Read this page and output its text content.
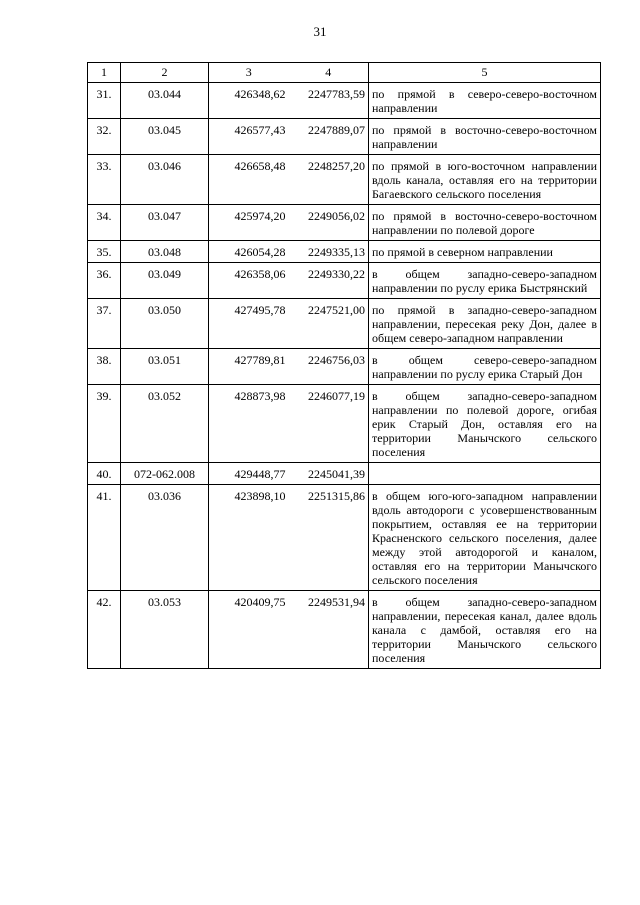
31
1	2	3	4	5
31.	03.044	426348,62	2247783,59	по прямой в северо-северо-восточном направлении
32.	03.045	426577,43	2247889,07	по прямой в восточно-северо-восточном направлении
33.	03.046	426658,48	2248257,20	по прямой в юго-восточном направлении вдоль канала, оставляя его на территории Багаевского сельского поселения
34.	03.047	425974,20	2249056,02	по прямой в восточно-северо-восточном направлении по полевой дороге
35.	03.048	426054,28	2249335,13	по прямой в северном направлении
36.	03.049	426358,06	2249330,22	в общем западно-северо-западном направлении по руслу ерика Быстрянский
37.	03.050	427495,78	2247521,00	по прямой в западно-северо-западном направлении, пересекая реку Дон, далее в общем северо-западном направлении
38.	03.051	427789,81	2246756,03	в общем северо-северо-западном направлении по руслу ерика Старый Дон
39.	03.052	428873,98	2246077,19	в общем западно-северо-западном направлении по полевой дороге, огибая ерик Старый Дон, оставляя его на территории Манычского сельского поселения
40.	072-062.008	429448,77	2245041,39	
41.	03.036	423898,10	2251315,86	в общем юго-юго-западном направлении вдоль автодороги с усовершенствованным покрытием, оставляя ее на территории Красненского сельского поселения, далее между этой автодорогой и каналом, оставляя его на территории Манычского сельского поселения
42.	03.053	420409,75	2249531,94	в общем западно-северо-западном направлении, пересекая канал, далее вдоль канала с дамбой, оставляя его на территории Манычского сельского поселения
